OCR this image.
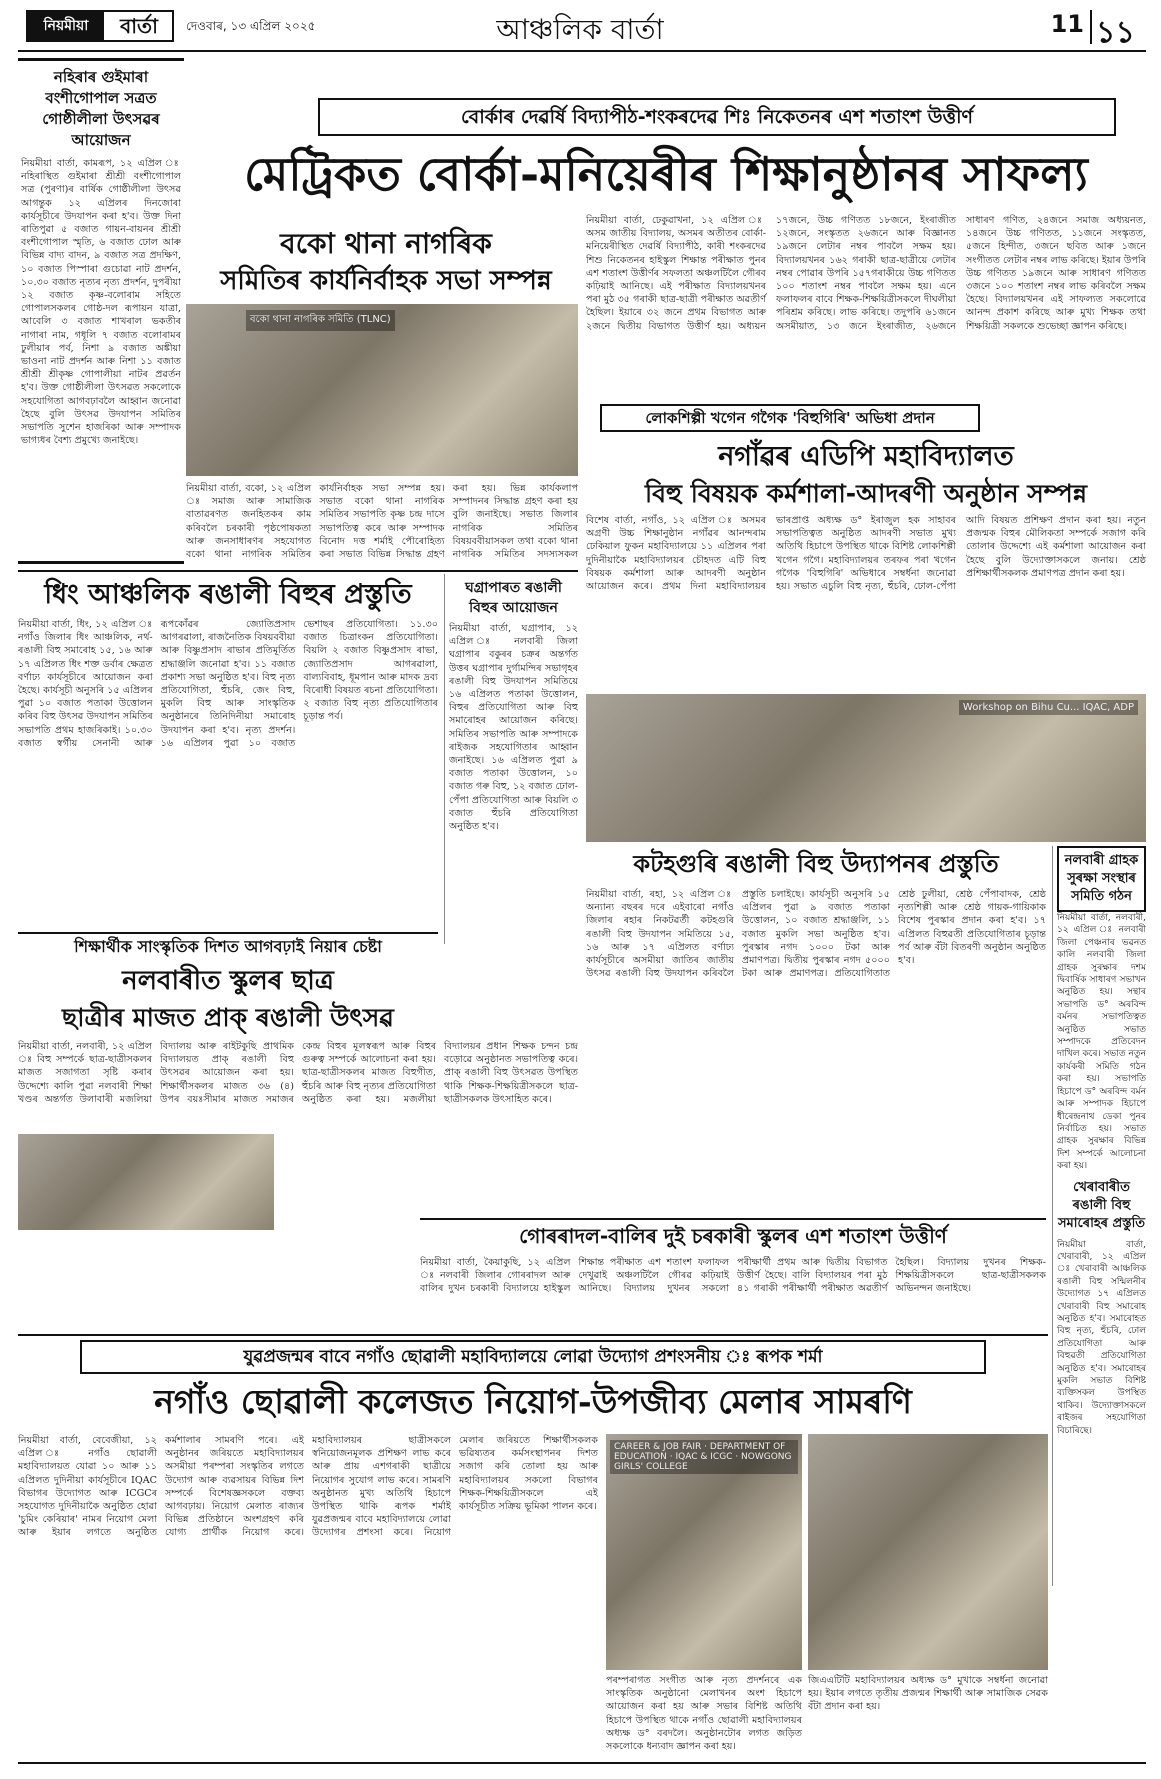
নিয়মীয়া	বাৰ্তা	দেওবাৰ, ১৩ এপ্ৰিল ২০২৫	আঞ্চলিক বাৰ্তা	11 ১১
নহিৰাৰ গুইমাৰা বংশীগোপাল সত্ৰত গোষ্ঠীলীলা উৎসৱৰ আয়োজন
নিয়মীয়া বাৰ্তা, কামৰূপ, ১২ এপ্ৰিল ঃ নহিৰাস্থিত গুইমাৰা শ্ৰীশ্ৰী বংশীগোপাল সত্ৰ (পুৰণা)ৰ বাৰ্ষিক গোষ্ঠীলীলা উৎসৱ আগন্তুক ১২ এপ্ৰিলৰ দিনজোৰা কাৰ্যসূচীৰে উদযাপন কৰা হ'ব। উক্ত দিনা ৰাতিপুৱা ৫ বজাত গায়ন-বায়নৰ শ্ৰীশ্ৰী বংশীগোপাল স্মৃতি, ৬ বজাত ঢোল আৰু বিভিন্ন বাদ্য বাদন, ৯ বজাত সত্ৰ প্ৰদক্ষিণ, ১০ বজাত পিস্পাৰা গুচোৱা নাট প্ৰদৰ্শন, ১০.৩০ বজাত নৃত্যৰ নৃত্য প্ৰদৰ্শন, দুপৰীয়া ১২ বজাত কৃষ্ণ-বলোৰাম সহিতে গোপালসকলৰ গোষ্ঠ-দল ৰূপায়ন যাত্ৰা, আবেলি ৩ বজাত শাখৰাল ভকতীৰ নাগাৰা নাম, গধূলি ৭ বজাত বলোৰামৰ ঢুলীয়াৰ পৰ্ব, নিশা ৯ বজাত অঙ্কীয়া ভাওনা নাট প্ৰদৰ্শন আৰু নিশা ১১ বজাত শ্ৰীশ্ৰী শ্ৰীকৃষ্ণ গোপালীয়া নাটৰ প্ৰৱৰ্তন হ'ব। উক্ত গোষ্ঠীলীলা উৎসৱত সকলোকে সহযোগিতা আগবঢ়াবলৈ আহ্বান জনোৱা হৈছে বুলি উৎসৱ উদযাপন সমিতিৰ সভাপতি সুশেন হাজৰিকা আৰু সম্পাদক ভাগ্যধৰ বৈশ্য প্ৰমুখ্যে জনাইছে।
বোৰ্কাৰ দেৱৰ্ষি বিদ্যাপীঠ-শংকৰদেৱ শিঃ নিকেতনৰ এশ শতাংশ উত্তীৰ্ণ
মেট্ৰিকত বোৰ্কা-মনিয়েৰীৰ শিক্ষানুষ্ঠানৰ সাফল্য
বকো থানা নাগৰিক
সমিতিৰ কাৰ্যনিৰ্বাহক সভা সম্পন্ন
বকো থানা নাগৰিক সমিতি (TLNC)
নিয়মীয়া বাৰ্তা, বকো, ১২ এপ্ৰিল ঃ সমাজ আৰু সামাজিক বাতাৱৰণত জনহিতকৰ কাম কৰিবলৈ চৰকাৰী পৃষ্ঠপোষকতা আৰু জনসাধাৰণৰ সহযোগত বকো থানা নাগৰিক সমিতিৰ কাৰ্যনিৰ্বাহক সভা সম্পন্ন হয়। সভাত বকো থানা নাগৰিক সমিতিৰ সভাপতি কৃষ্ণ চন্দ্ৰ দাসে সভাপতিত্ব কৰে আৰু সম্পাদক বিনোদ দত্ত শৰ্মাই পৌৰোহিত্য কৰা সভাত বিভিন্ন সিদ্ধান্ত গ্ৰহণ কৰা হয়। ভিন্ন কাৰ্যকলাপ সম্পাদনৰ সিদ্ধান্ত গ্ৰহণ কৰা হয় বুলি জনাইছে। সভাত জিলাৰ নাগৰিক সমিতিৰ বিষয়ববীয়াসকল তথা বকো থানা নাগৰিক সমিতিৰ সদস্যসকল
নিয়মীয়া বাৰ্তা, ঢেকুৱাখনা, ১২ এপ্ৰিল ঃ অসম জাতীয় বিদ্যালয়, অসমৰ অতীতৰ বোৰ্কা-মনিয়েৰীস্থিত দেৱৰ্ষি বিদ্যাপীঠ, কাৰী শংকৰদেৱ শিশু নিকেতনৰ হাইস্কুল শিক্ষান্ত পৰীক্ষাত পুনৰ এশ শতাংশ উত্তীৰ্ণৰ সফলতা অঞ্চলটিলৈ গৌৰব কঢ়িয়াই আনিছে। এই পৰীক্ষাত বিদ্যালয়খনৰ পৰা মুঠ ৩৫ গৰাকী ছাত্ৰ-ছাত্ৰী পৰীক্ষাত অৱতীৰ্ণ হৈছিল। ইয়াৰে ৩২ জনে প্ৰথম বিভাগত আৰু ২জনে দ্বিতীয় বিভাগত উত্তীৰ্ণ হয়। অধ্যয়ন ১৭জনে, উচ্চ গণিতত ১৮জনে, ইংৰাজীত ১২জনে, সংস্কৃতত ২৬জনে আৰু বিজ্ঞানত ১৯জনে লেটাৰ নম্বৰ পাবলৈ সক্ষম হয়। বিদ্যালয়খনৰ ১৬২ গৰাকী ছাত্ৰ-ছাত্ৰীয়ে লেটাৰ নম্বৰ পোৱাৰ উপৰি ১৫৭গৰাকীয়ে উচ্চ গণিতত ১০০ শতাংশ নম্বৰ পাবলৈ সক্ষম হয়। এনে ফলাফলৰ বাবে শিক্ষক-শিক্ষয়িত্ৰীসকলে দীঘলীয়া পৰিশ্ৰম কৰিছে। লাভ কৰিছে। তদুপৰি ৬১জনে অসমীয়াত, ১৩ জনে ইংৰাজীত, ২৬জনে সাধাৰণ গণিত, ২৪জনে সমাজ অধ্যয়নত, ১৪জনে উচ্চ গণিতত, ১১জনে সংস্কৃতত, ৫জনে হিন্দীত, ৩জনে ছবিত আৰু ১জনে সংগীতত লেটাৰ নম্বৰ লাভ কৰিছে। ইয়াৰ উপৰি উচ্চ গণিতত ১৯জনে আৰু সাধাৰণ গণিতত ৩জনে ১০০ শতাংশ নম্বৰ লাভ কৰিবলৈ সক্ষম হৈছে। বিদ্যালয়খনৰ এই সাফল্যত সকলোৱে আনন্দ প্ৰকাশ কৰিছে আৰু মুখ্য শিক্ষক তথা শিক্ষয়িত্ৰী সকলকে শুভেচ্ছা জ্ঞাপন কৰিছে।
লোকশিল্পী খগেন গগৈক 'বিহুগিৰি' অভিধা প্ৰদান
নগাঁৱৰ এডিপি মহাবিদ্যালত
বিহু বিষয়ক কৰ্মশালা-আদৰণী অনুষ্ঠান সম্পন্ন
বিশেষ বাৰ্তা, নগাঁও, ১২ এপ্ৰিল ঃ অসমৰ অগ্ৰণী উচ্চ শিক্ষানুষ্ঠান নগাঁৱৰ আনন্দৰাম ঢেকিয়াল ফুকন মহাবিদ্যালয়ে ১১ এপ্ৰিলৰ পৰা দুদিনীয়াকৈ মহাবিদ্যালয়ৰ চৌহদত এটি বিহু বিষয়ক কৰ্মশালা আৰু আদৰণী অনুষ্ঠান আয়োজন কৰে। প্ৰথম দিনা মহাবিদ্যালয়ৰ ভাৰপ্ৰাপ্ত অধ্যক্ষ ড° ইৰাজুল হক সাহাবৰ সভাপতিত্বত অনুষ্ঠিত আদৰণী সভাত মুখ্য অতিথি হিচাপে উপস্থিত থাকে বিশিষ্ট লোকশিল্পী খগেন গগৈ। মহাবিদ্যালয়ৰ তৰফৰ পৰা খগেন গগৈক 'বিহুগিৰি' অভিধাৰে সম্বৰ্ধনা জনোৱা হয়। সভাত এচুলি বিহু নৃত্য, হুঁচৰি, ঢোল-পেঁপা আদি বিষয়ত প্ৰশিক্ষণ প্ৰদান কৰা হয়। নতুন প্ৰজন্মক বিহুৰ মৌলিকতা সম্পৰ্কে সজাগ কৰি তোলাৰ উদ্দেশ্যে এই কৰ্মশালা আয়োজন কৰা হৈছে বুলি উদ্যোক্তাসকলে জনায়। শ্ৰেষ্ঠ প্ৰশিক্ষাৰ্থীসকলক প্ৰমাণপত্ৰ প্ৰদান কৰা হয়।
Workshop on Bihu Cu... IQAC, ADP
ধিং আঞ্চলিক ৰঙালী বিহুৰ প্ৰস্তুতি
নিয়মীয়া বাৰ্তা, ধিং, ১২ এপ্ৰিল ঃ নগাঁও জিলাৰ ধিং আঞ্চলিক, নৰ্থ-ৰঙালী বিহু সমাৰোহ ১৫, ১৬ আৰু ১৭ এপ্ৰিলত ধিং শক্ত ডৰ্বাৰ ক্ষেত্ৰত বৰ্ণাঢ্য কাৰ্যসূচীৰে আয়োজন কৰা হৈছে। কাৰ্যসূচী অনুসৰি ১৫ এপ্ৰিলৰ পুৱা ১০ বজাত পতাকা উত্তোলন কৰিব বিহু উৎসৱ উদযাপন সমিতিৰ সভাপতি প্ৰথম হাজৰিকাই। ১০.৩০ বজাত স্বৰ্গীয় সেনানী আৰু ৰূপকোঁৱৰ জ্যোতিপ্ৰসাদ আগৰৱালা, ৰাজনৈতিক বিষয়ববীয়া আৰু বিষ্ণুপ্ৰসাদ ৰাভাৰ প্ৰতিমূৰ্তিত শ্ৰদ্ধাঞ্জলি জনোৱা হ'ব। ১১ বজাত প্ৰকাশ্য সভা অনুষ্ঠিত হ'ব। বিহু নৃত্য প্ৰতিযোগিতা, হুঁচৰি, জেং বিহু, মুকলি বিহু আৰু সাংস্কৃতিক অনুষ্ঠানৰে তিনিদিনীয়া সমাৰোহ উদযাপন কৰা হ'ব। নৃত্য প্ৰদৰ্শন। ১৬ এপ্ৰিলৰ পুৱা ১০ বজাত ভেশাছৰ প্ৰতিযোগিতা। ১১.৩০ বজাত চিত্ৰাংকন প্ৰতিযোগিতা। বিয়লি ২ বজাত বিষ্ণুপ্ৰসাদ ৰাভা, জ্যোতিপ্ৰসাদ আগৰৱালা, বাল্যবিবাহ, ধূমপান আৰু মাদক দ্ৰব্য বিৰোধী বিষয়ত ৰচনা প্ৰতিযোগিতা। ২ বজাত বিহু নৃত্য প্ৰতিযোগিতাৰ চূড়ান্ত পৰ্ব।
ঘগ্ৰাপাৰত ৰঙালী বিহুৰ আয়োজন
নিয়মীয়া বাৰ্তা, ঘগ্ৰাপাৰ, ১২ এপ্ৰিল ঃ নলবাৰী জিলা ঘগ্ৰাপাৰ বকুৰৰ চক্ৰৰ অন্তৰ্গত উত্তৰ ঘগ্ৰাপাৰ দুৰ্গামন্দিৰ সভাগৃহৰ ৰঙালী বিহু উদযাপন সমিতিয়ে ১৬ এপ্ৰিলত পতাকা উত্তোলন, বিহুৰ প্ৰতিযোগিতা আৰু বিহু সমাৰোহৰ আয়োজন কৰিছে। সমিতিৰ সভাপতি আৰু সম্পাদকে ৰাইজক সহযোগিতাৰ আহ্বান জনাইছে। ১৬ এপ্ৰিলত পুৱা ৯ বজাত পতাকা উত্তোলন, ১০ বজাত গৰু বিহু, ১২ বজাত ঢোল-পেঁপা প্ৰতিযোগিতা আৰু বিয়লি ৩ বজাত হুঁচৰি প্ৰতিযোগিতা অনুষ্ঠিত হ'ব।
শিক্ষাৰ্থীক সাংস্কৃতিক দিশত আগবঢ়াই নিয়াৰ চেষ্টা
নলবাৰীত স্কুলৰ ছাত্ৰ
ছাত্ৰীৰ মাজত প্ৰাক্ ৰঙালী উৎসৱ
নিয়মীয়া বাৰ্তা, নলবাৰী, ১২ এপ্ৰিল ঃ বিহু সম্পৰ্কে ছাত্ৰ-ছাত্ৰীসকলৰ মাজত সজাগতা সৃষ্টি কৰাৰ উদ্দেশ্যে কালি পুৱা নলবাৰী শিক্ষা খণ্ডৰ অন্তৰ্গত উলাবাৰী মজলিয়া বিদ্যালয় আৰু ৰাইটকুছি প্ৰাথমিক বিদ্যালয়ত প্ৰাক্ ৰঙালী বিহু উৎসৱৰ আয়োজন কৰা হয়। শিক্ষাৰ্থীসকলৰ মাজত ৩৬ (৪) উপৰ বয়ঃসীমাৰ মাজত সমাজৰ কেন্দ্ৰ বিহুৰ মূলস্বৰূপ আৰু বিহুৰ গুৰুত্ব সম্পৰ্কে আলোচনা কৰা হয়। ছাত্ৰ-ছাত্ৰীসকলৰ মাজত বিহুগীত, হুঁচৰি আৰু বিহু নৃত্যৰ প্ৰতিযোগিতা অনুষ্ঠিত কৰা হয়। মজলীয়া বিদ্যালয়ৰ প্ৰধান শিক্ষক চন্দন চন্দ্ৰ বড়োৱে অনুষ্ঠানত সভাপতিত্ব কৰে। প্ৰাক্ ৰঙালী বিহু উৎসৱত উপস্থিত থাকি শিক্ষক-শিক্ষয়িত্ৰীসকলে ছাত্ৰ-ছাত্ৰীসকলক উৎসাহিত কৰে।
কটহগুৰি ৰঙালী বিহু উদ্যাপনৰ প্ৰস্তুতি
নিয়মীয়া বাৰ্তা, ৰহা, ১২ এপ্ৰিল ঃ অন্যান্য বছৰৰ দৰে এইবাৰো নগাঁও জিলাৰ ৰহাৰ নিকটৱৰ্তী কটহগুৰি ৰঙালী বিহু উদযাপন সমিতিয়ে ১৫, ১৬ আৰু ১৭ এপ্ৰিলত বৰ্ণাঢ্য কাৰ্যসূচীৰে অসমীয়া জাতিৰ জাতীয় উৎসৱ ৰঙালী বিহু উদযাপন কৰিবলৈ প্ৰস্তুতি চলাইছে। কাৰ্যসূচী অনুসৰি ১৫ এপ্ৰিলৰ পুৱা ৯ বজাত পতাকা উত্তোলন, ১০ বজাত শ্ৰদ্ধাঞ্জলি, ১১ বজাত মুকলি সভা অনুষ্ঠিত হ'ব। পুৰস্কাৰ নগদ ১০০০ টকা আৰু প্ৰমাণপত্ৰ। দ্বিতীয় পুৰস্কাৰ নগদ ৫০০০ টকা আৰু প্ৰমাণপত্ৰ। প্ৰতিযোগিতাত শ্ৰেষ্ঠ ঢুলীয়া, শ্ৰেষ্ঠ পেঁপাবাদক, শ্ৰেষ্ঠ নৃত্যশিল্পী আৰু শ্ৰেষ্ঠ গায়ক-গায়িকাক বিশেষ পুৰস্কাৰ প্ৰদান কৰা হ'ব। ১৭ এপ্ৰিলত বিহুৱতী প্ৰতিযোগিতাৰ চূড়ান্ত পৰ্ব আৰু বঁটা বিতৰণী অনুষ্ঠান অনুষ্ঠিত হ'ব।
নলবাৰী গ্ৰাহক সুৰক্ষা সংস্থাৰ সমিতি গঠন
নিয়মীয়া বাৰ্তা, নলবাৰী, ১২ এপ্ৰিল ঃ নলবাৰী জিলা পেঞ্চনাৰ ভৱনত কালি নলবাৰী জিলা গ্ৰাহক সুৰক্ষাৰ দশম দ্বিবাৰ্ষিক সাধাৰণ সভাখন অনুষ্ঠিত হয়। সন্থাৰ সভাপতি ড° অৰবিন্দ বৰ্মনৰ সভাপতিত্বত অনুষ্ঠিত সভাত সম্পাদকে প্ৰতিবেদন দাখিল কৰে। সভাত নতুন কাৰ্যকৰী সমিতি গঠন কৰা হয়। সভাপতি হিচাপে ড° অৰবিন্দ বৰ্মন আৰু সম্পাদক হিচাপে ধীৰেন্দ্ৰনাথ ডেকা পুনৰ নিৰ্বাচিত হয়। সভাত গ্ৰাহক সুৰক্ষাৰ বিভিন্ন দিশ সম্পৰ্কে আলোচনা কৰা হয়।
খেৰাবাৰীত ৰঙালী বিহু সমাৰোহৰ প্ৰস্তুতি
নিয়মীয়া বাৰ্তা, খেৰাবাৰী, ১২ এপ্ৰিল ঃ খেৰাবাৰী আঞ্চলিক ৰঙালী বিহু সন্মিলনীৰ উদ্যোগত ১৭ এপ্ৰিলত খেৰাবাৰী বিহু সমাৰোহ অনুষ্ঠিত হ'ব। সমাৰোহত বিহু নৃত্য, হুঁচৰি, ঢোল প্ৰতিযোগিতা আৰু বিহুৱতী প্ৰতিযোগিতা অনুষ্ঠিত হ'ব। সমাৰোহৰ মুকলি সভাত বিশিষ্ট ব্যক্তিসকল উপস্থিত থাকিব। উদ্যোক্তাসকলে ৰাইজৰ সহযোগিতা বিচাৰিছে।
গোৰৰাদল-বালিৰ দুই চৰকাৰী স্কুলৰ এশ শতাংশ উত্তীৰ্ণ
নিয়মীয়া বাৰ্তা, কৈয়াকুছি, ১২ এপ্ৰিল ঃ নলবাৰী জিলাৰ গোৰৰাদল আৰু বালিৰ দুখন চৰকাৰী বিদ্যালয়ে হাইস্কুল শিক্ষান্ত পৰীক্ষাত এশ শতাংশ ফলাফল দেখুৱাই অঞ্চলটিলৈ গৌৰৱ কঢ়িয়াই আনিছে। বিদ্যালয় দুখনৰ সকলো পৰীক্ষাৰ্থী প্ৰথম আৰু দ্বিতীয় বিভাগত উত্তীৰ্ণ হৈছে। বালি বিদ্যালয়ৰ পৰা মুঠ ৪১ গৰাকী পৰীক্ষাৰ্থী পৰীক্ষাত অৱতীৰ্ণ হৈছিল। বিদ্যালয় দুখনৰ শিক্ষক-শিক্ষয়িত্ৰীসকলে ছাত্ৰ-ছাত্ৰীসকলক অভিনন্দন জনাইছে।
যুৱপ্ৰজন্মৰ বাবে নগাঁও ছোৱালী মহাবিদ্যালয়ে লোৱা উদ্যোগ প্ৰশংসনীয় ঃ ৰূপক শৰ্মা
নগাঁও ছোৱালী কলেজত নিয়োগ-উপজীব্য মেলাৰ সামৰণি
নিয়মীয়া বাৰ্তা, বেবেজীয়া, ১২ এপ্ৰিল ঃ নগাঁও ছোৱালী মহাবিদ্যালয়ত যোৱা ১০ আৰু ১১ এপ্ৰিলত দুদিনীয়া কাৰ্যসূচীৰে IQAC বিভাগৰ উদ্যোগত আৰু ICGCৰ সহযোগত দুদিনীয়াকৈ অনুষ্ঠিত হোৱা 'চুমিং কেৰিয়াৰ' নামৰ নিয়োগ মেলা আৰু ইয়াৰ লগতে অনুষ্ঠিত কৰ্মশালাৰ সামৰণি পৰে। এই অনুষ্ঠানৰ জৰিয়তে মহাবিদ্যালয়ৰ অসমীয়া পৰম্পৰা সংস্কৃতিৰ লগতে উদ্যোগ আৰু ব্যৱসায়ৰ বিভিন্ন দিশ সম্পৰ্কে বিশেষজ্ঞসকলে বক্তব্য আগবঢ়ায়। নিয়োগ মেলাত ৰাজ্যৰ বিভিন্ন প্ৰতিষ্ঠানে অংশগ্ৰহণ কৰি যোগ্য প্ৰাৰ্থীক নিয়োগ কৰে। মহাবিদ্যালয়ৰ ছাত্ৰীসকলে স্বনিয়োজনমূলক প্ৰশিক্ষণ লাভ কৰে আৰু প্ৰায় এশগৰাকী ছাত্ৰীয়ে নিয়োগৰ সুযোগ লাভ কৰে। সামৰণি অনুষ্ঠানত মুখ্য অতিথি হিচাপে উপস্থিত থাকি ৰূপক শৰ্মাই যুৱপ্ৰজন্মৰ বাবে মহাবিদ্যালয়ে লোৱা উদ্যোগৰ প্ৰশংসা কৰে। নিয়োগ মেলাৰ জৰিয়তে শিক্ষাৰ্থীসকলক ভৱিষ্যতৰ কৰ্মসংস্থাপনৰ দিশত সজাগ কৰি তোলা হয় আৰু মহাবিদ্যালয়ৰ সকলো বিভাগৰ শিক্ষক-শিক্ষয়িত্ৰীসকলে এই কাৰ্যসূচীত সক্ৰিয় ভূমিকা পালন কৰে।
CAREER & JOB FAIR · DEPARTMENT OF EDUCATION · IQAC & ICGC · NOWGONG GIRLS' COLLEGE
পৰম্পৰাগত সংগীত আৰু নৃত্য প্ৰদৰ্শনৰে এক সাংস্কৃতিক অনুষ্ঠানো মেলাখনৰ অংশ হিচাপে আয়োজন কৰা হয় আৰু সভাৰ বিশিষ্ট অতিথি হিচাপে উপস্থিত থাকে নগাঁও ছোৱালী মহাবিদ্যালয়ৰ অধ্যক্ষ ড° বৰদলৈ। অনুষ্ঠানটোৰ লগত জড়িত সকলোকে ধন্যবাদ জ্ঞাপন কৰা হয়।
জিএএটিটি মহাবিদ্যালয়ৰ অধ্যক্ষ ড° মুখাকে সম্বৰ্ধনা জনোৱা হয়। ইয়াৰ লগতে তৃতীয় প্ৰজন্মৰ শিক্ষাৰ্থী আৰু সামাজিক সেৱক বঁটা প্ৰদান কৰা হয়।
